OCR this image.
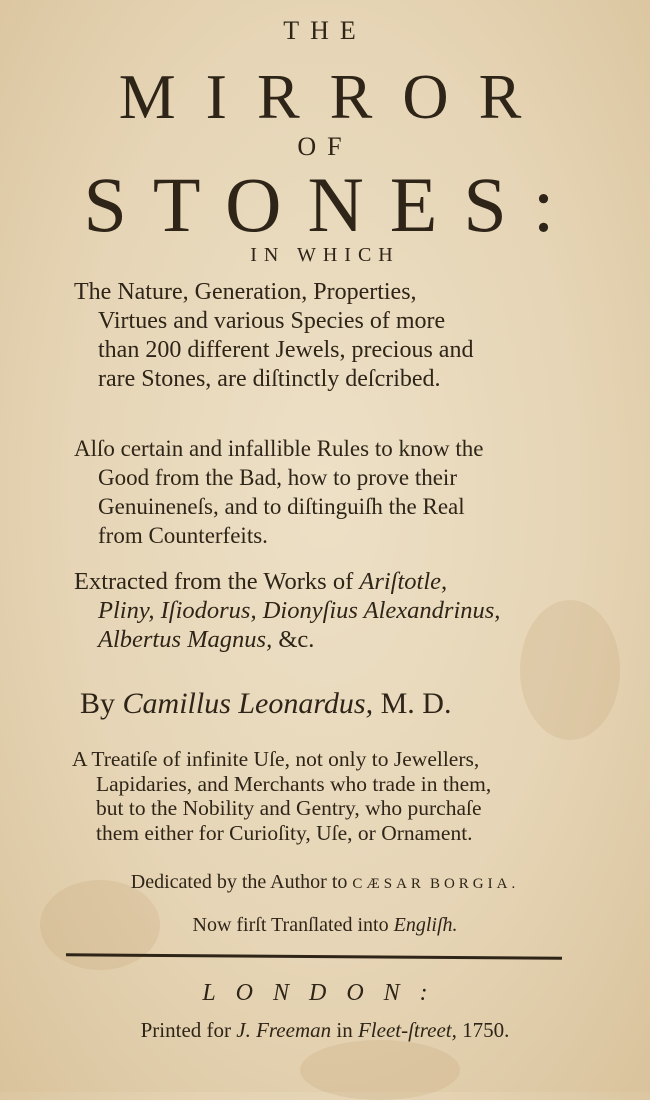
THE
MIRROR
OF
STONES:
IN WHICH
The Nature, Generation, Properties,
Virtues and various Species of more
than 200 different Jewels, precious and
rare Stones, are diſtinctly deſcribed.
Alſo certain and infallible Rules to know the
Good from the Bad, how to prove their
Genuineneſs, and to diſtinguiſh the Real
from Counterfeits.
Extracted from the Works of Ariſtotle,
Pliny, Iſiodorus, Dionyſius Alexandrinus,
Albertus Magnus, &c.
By Camillus Leonardus, M. D.
A Treatiſe of infinite Uſe, not only to Jewellers,
Lapidaries, and Merchants who trade in them,
but to the Nobility and Gentry, who purchaſe
them either for Curioſity, Uſe, or Ornament.
Dedicated by the Author to CÆSAR BORGIA.
Now firſt Tranſlated into Engliſh.
LONDON:
Printed for J. Freeman in Fleet-ſtreet, 1750.
